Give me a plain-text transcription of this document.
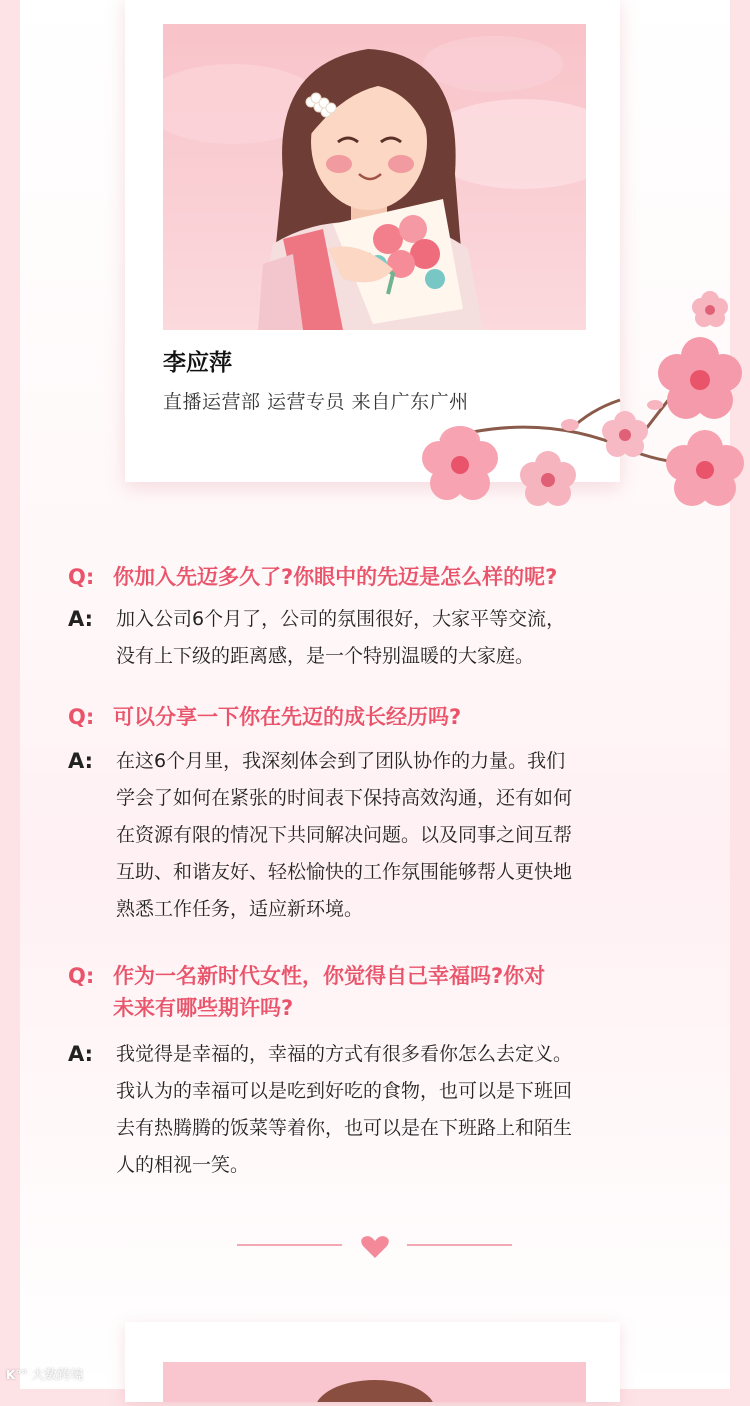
李应萍
直播运营部 运营专员 来自广东广州
Q: 你加入先迈多久了?你眼中的先迈是怎么样的呢?
A: 加入公司6个月了，公司的氛围很好，大家平等交流，
没有上下级的距离感，是一个特别温暖的大家庭。
Q: 可以分享一下你在先迈的成长经历吗?
A: 在这6个月里，我深刻体会到了团队协作的力量。我们
学会了如何在紧张的时间表下保持高效沟通，还有如何
在资源有限的情况下共同解决问题。以及同事之间互帮
互助、和谐友好、轻松愉快的工作氛围能够帮人更快地
熟悉工作任务，适应新环境。
Q: 作为一名新时代女性，你觉得自己幸福吗?你对
未来有哪些期许吗?
A: 我觉得是幸福的，幸福的方式有很多看你怎么去定义。
我认为的幸福可以是吃到好吃的食物，也可以是下班回
去有热腾腾的饭菜等着你，也可以是在下班路上和陌生
人的相视一笑。
K°° 大数跨境
